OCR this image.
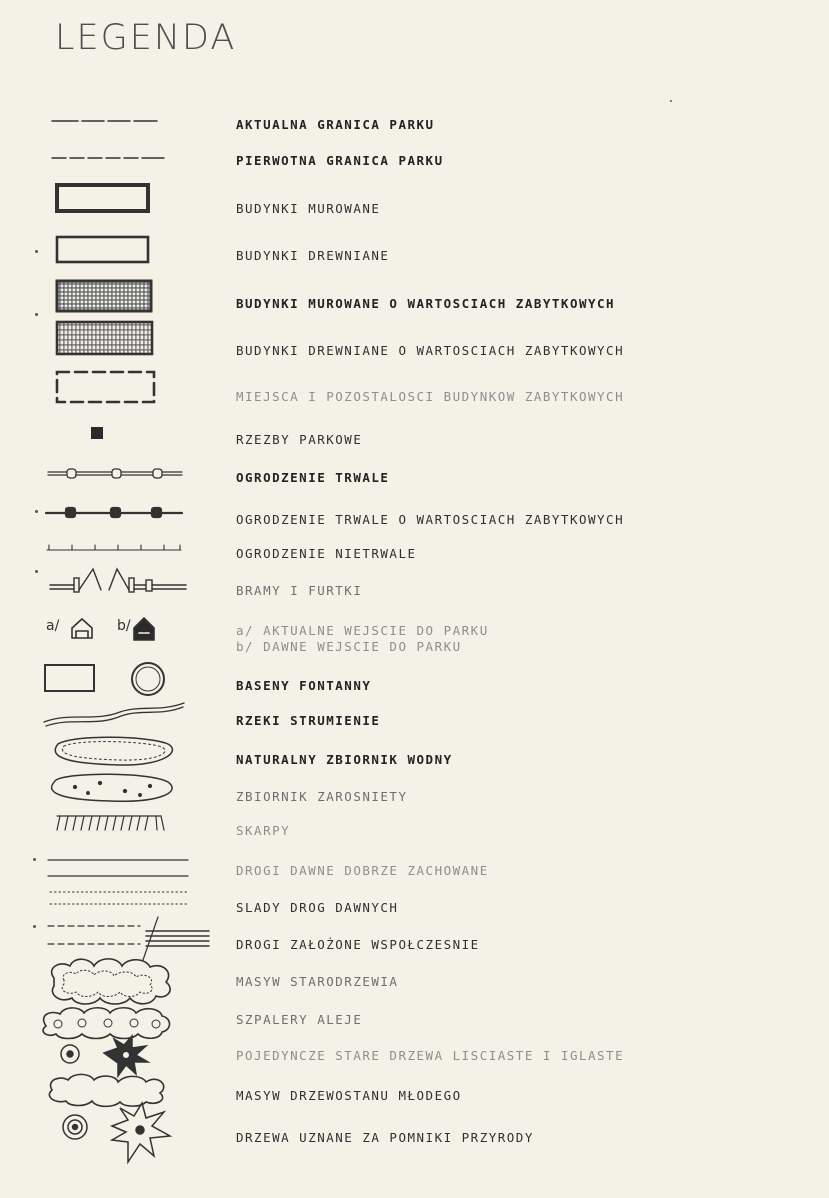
LEGENDA
a/	b/
AKTUALNA GRANICA PARKU
PIERWOTNA GRANICA PARKU
BUDYNKI MUROWANE
BUDYNKI DREWNIANE
BUDYNKI MUROWANE O WARTOSCIACH ZABYTKOWYCH
BUDYNKI DREWNIANE O WARTOSCIACH ZABYTKOWYCH
MIEJSCA I POZOSTALOSCI BUDYNKOW ZABYTKOWYCH
RZEZBY PARKOWE
OGRODZENIE TRWALE
OGRODZENIE TRWALE O WARTOSCIACH ZABYTKOWYCH
OGRODZENIE NIETRWALE
BRAMY I FURTKI
a/ AKTUALNE WEJSCIE DO PARKU
b/ DAWNE WEJSCIE DO PARKU
BASENY FONTANNY
RZEKI STRUMIENIE
NATURALNY ZBIORNIK WODNY
ZBIORNIK ZAROSNIETY
SKARPY
DROGI DAWNE DOBRZE ZACHOWANE
SLADY DROG DAWNYCH
DROGI ZAŁOŻONE WSPOŁCZESNIE
MASYW STARODRZEWIA
SZPALERY ALEJE
POJEDYNCZE STARE DRZEWA LISCIASTE I IGLASTE
MASYW DRZEWOSTANU MŁODEGO
DRZEWA UZNANE ZA POMNIKI PRZYRODY
